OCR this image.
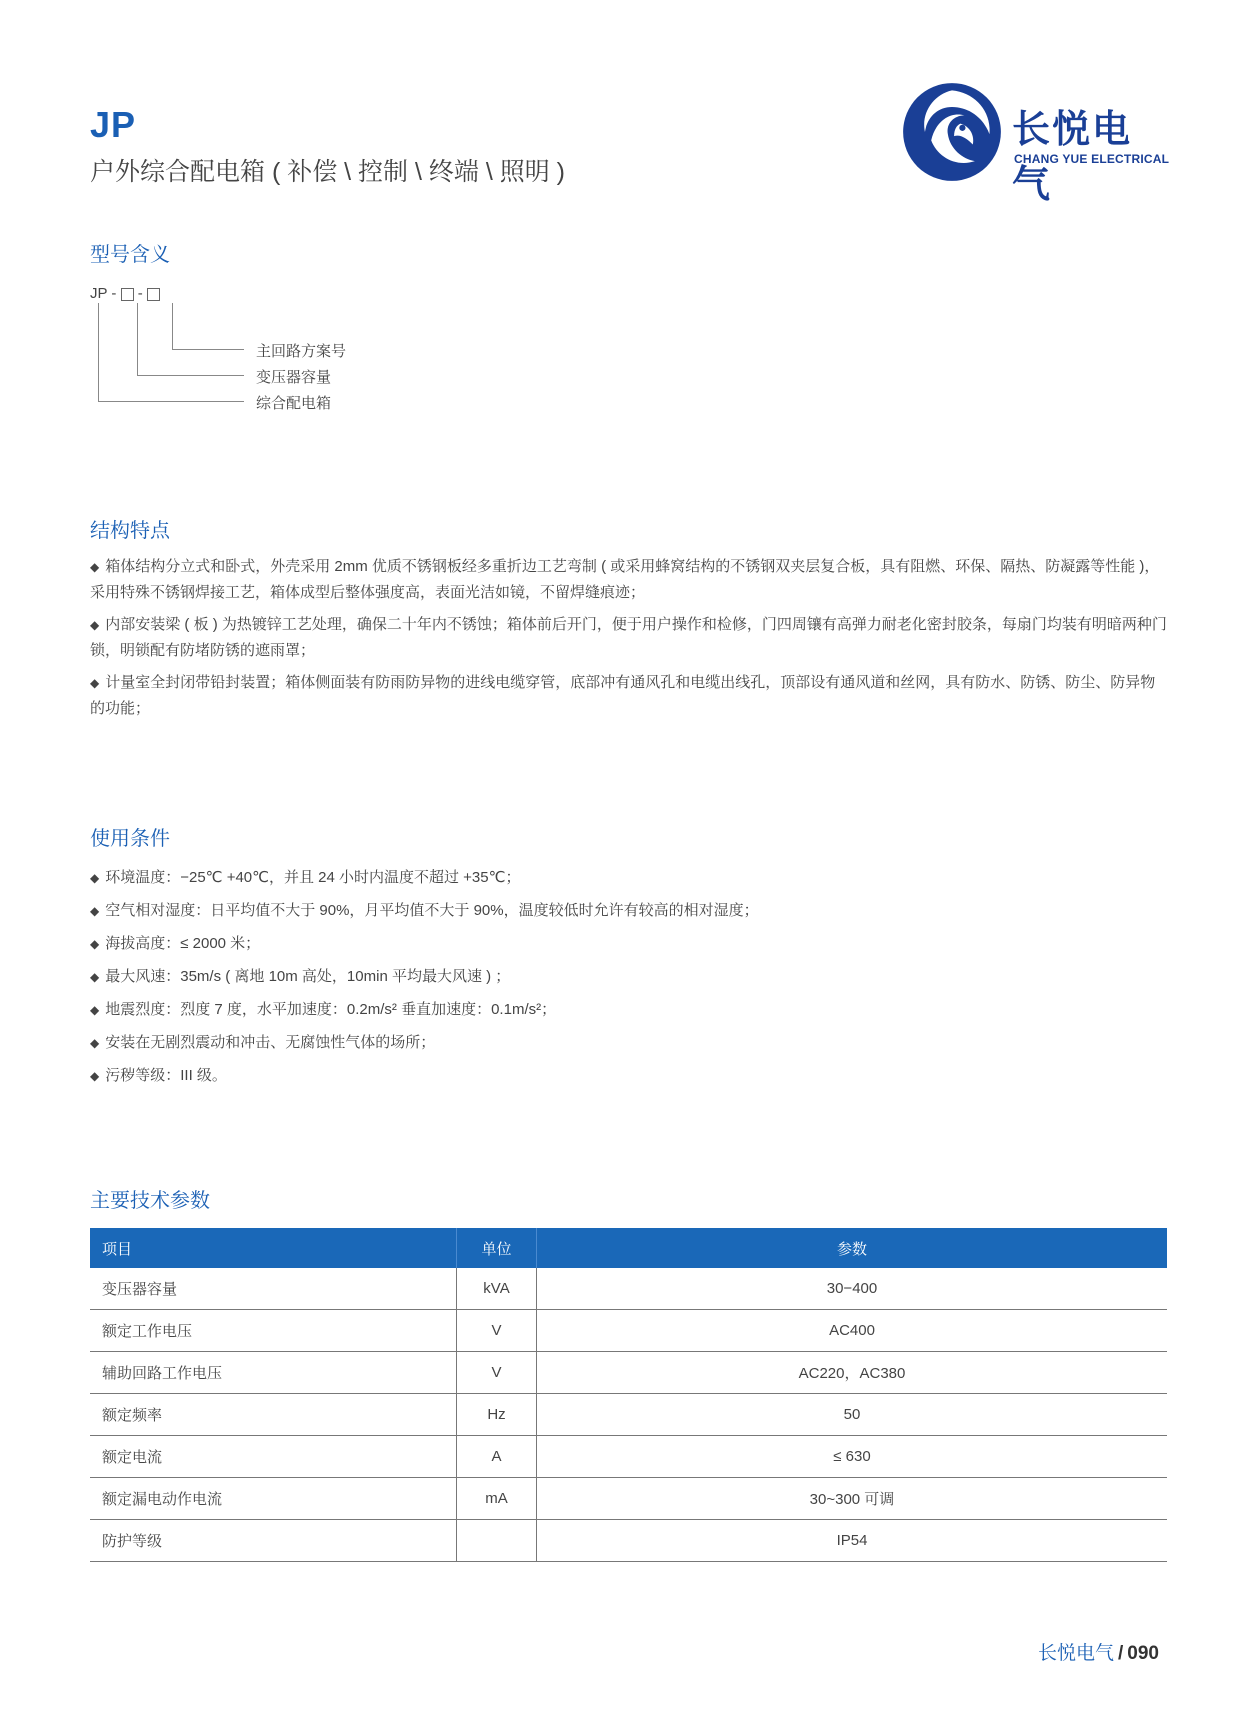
JP
户外综合配电箱 ( 补偿 \ 控制 \ 终端 \ 照明 )
长悦电气
CHANG YUE ELECTRICAL
型号含义
JP - -
主回路方案号
变压器容量
综合配电箱
结构特点
◆ 箱体结构分立式和卧式，外壳采用 2mm 优质不锈钢板经多重折边工艺弯制 ( 或采用蜂窝结构的不锈钢双夹层复合板，具有阻燃、环保、隔热、防凝露等性能 )，采用特殊不锈钢焊接工艺，箱体成型后整体强度高，表面光洁如镜，不留焊缝痕迹；
◆ 内部安装梁 ( 板 ) 为热镀锌工艺处理，确保二十年内不锈蚀；箱体前后开门，便于用户操作和检修，门四周镶有高弹力耐老化密封胶条，每扇门均装有明暗两种门锁，明锁配有防堵防锈的遮雨罩；
◆ 计量室全封闭带铅封装置；箱体侧面装有防雨防异物的进线电缆穿管，底部冲有通风孔和电缆出线孔，顶部设有通风道和丝网，具有防水、防锈、防尘、防异物的功能；
使用条件
◆ 环境温度：−25℃ +40℃，并且 24 小时内温度不超过 +35℃；
◆ 空气相对湿度：日平均值不大于 90%，月平均值不大于 90%，温度较低时允许有较高的相对湿度；
◆ 海拔高度：≤ 2000 米；
◆ 最大风速：35m/s ( 离地 10m 高处，10min 平均最大风速 ) ；
◆ 地震烈度：烈度 7 度，水平加速度：0.2m/s² 垂直加速度：0.1m/s²；
◆ 安装在无剧烈震动和冲击、无腐蚀性气体的场所；
◆ 污秽等级：III 级。
主要技术参数
项目	单位	参数
变压器容量	kVA	30−400
额定工作电压	V	AC400
辅助回路工作电压	V	AC220，AC380
额定频率	Hz	50
额定电流	A	≤ 630
额定漏电动作电流	mA	30~300 可调
防护等级		IP54
长悦电气 / 090
